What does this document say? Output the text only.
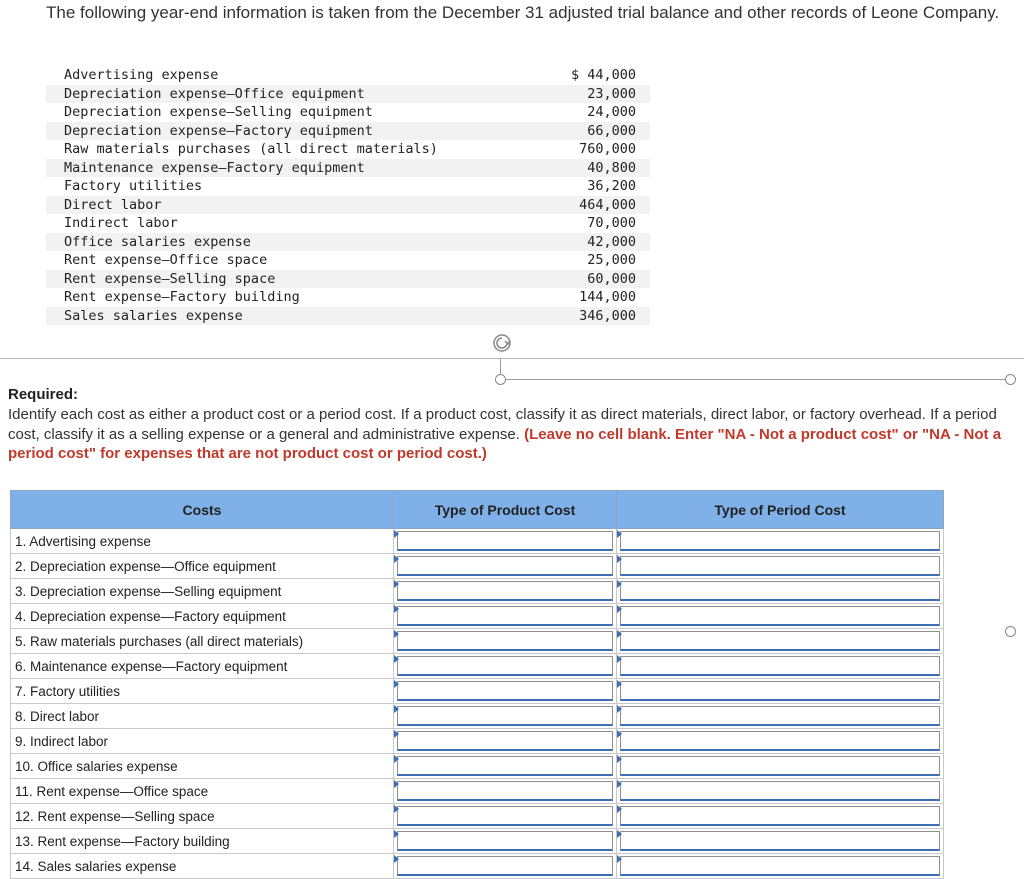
The following year-end information is taken from the December 31 adjusted trial balance and other records of Leone Company.
Advertising expense	$ 44,000
Depreciation expense—Office equipment	23,000
Depreciation expense—Selling equipment	24,000
Depreciation expense—Factory equipment	66,000
Raw materials purchases (all direct materials)	760,000
Maintenance expense—Factory equipment	40,800
Factory utilities	36,200
Direct labor	464,000
Indirect labor	70,000
Office salaries expense	42,000
Rent expense—Office space	25,000
Rent expense—Selling space	60,000
Rent expense—Factory building	144,000
Sales salaries expense	346,000
Required:
Identify each cost as either a product cost or a period cost. If a product cost, classify it as direct materials, direct labor, or factory overhead. If a period cost, classify it as a selling expense or a general and administrative expense. (Leave no cell blank. Enter "NA - Not a product cost" or "NA - Not a period cost" for expenses that are not product cost or period cost.)
Costs	Type of Product Cost	Type of Period Cost
1. Advertising expense	

2. Depreciation expense—Office equipment	

3. Depreciation expense—Selling equipment	

4. Depreciation expense—Factory equipment	

5. Raw materials purchases (all direct materials)	

6. Maintenance expense—Factory equipment	

7. Factory utilities	

8. Direct labor	

9. Indirect labor	

10. Office salaries expense	

11. Rent expense—Office space	

12. Rent expense—Selling space	

13. Rent expense—Factory building	

14. Sales salaries expense	
